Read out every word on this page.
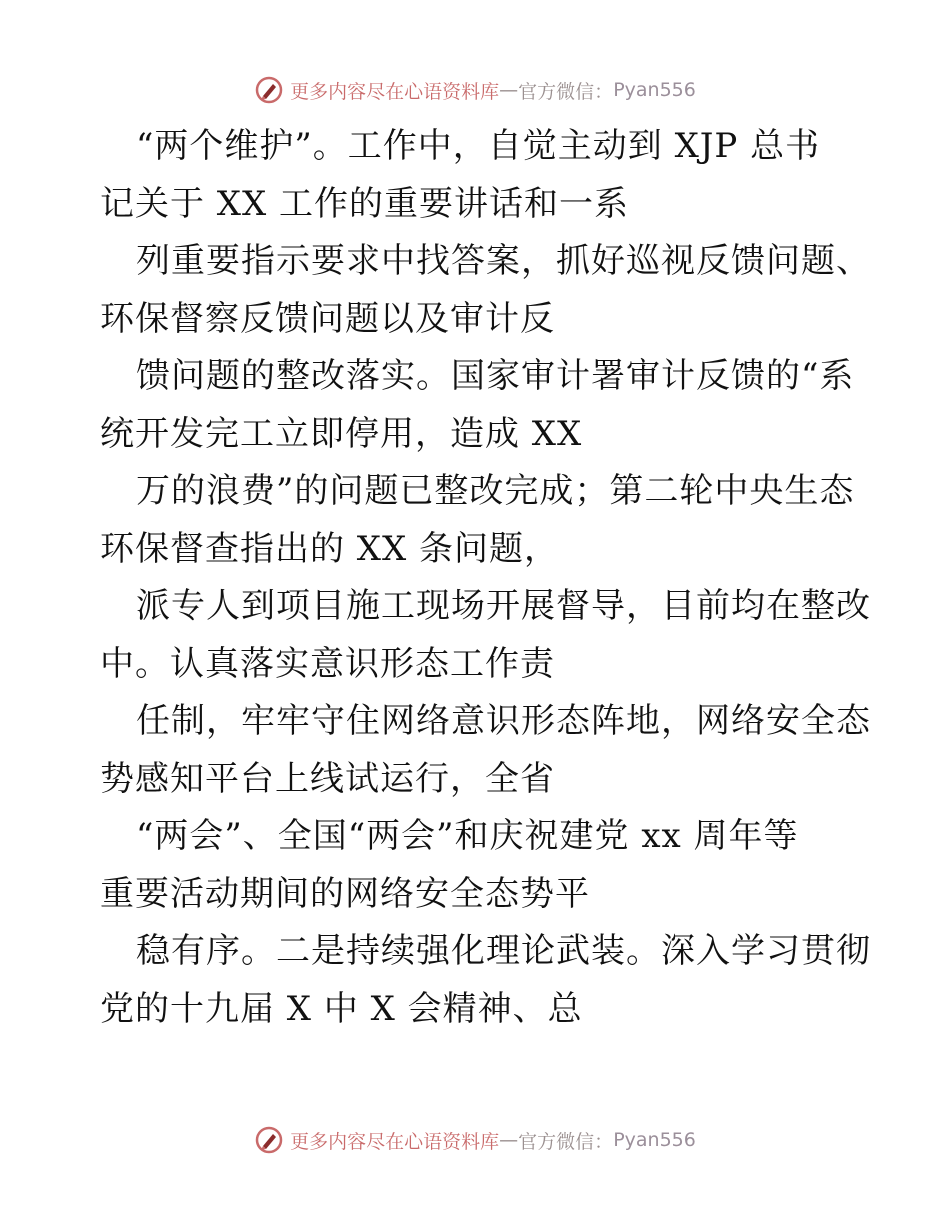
更多内容尽在心语资料库 — 官方微信： Pyan556
“两个维护”。工作中，自觉主动到 XJP 总书
记关于 XX 工作的重要讲话和一系
列重要指示要求中找答案，抓好巡视反馈问题、
环保督察反馈问题以及审计反
馈问题的整改落实。国家审计署审计反馈的“系
统开发完工立即停用，造成 XX
万的浪费”的问题已整改完成；第二轮中央生态
环保督查指出的 XX 条问题，
派专人到项目施工现场开展督导，目前均在整改
中。认真落实意识形态工作责
任制，牢牢守住网络意识形态阵地，网络安全态
势感知平台上线试运行，全省
“两会”、全国“两会”和庆祝建党 xx 周年等
重要活动期间的网络安全态势平
稳有序。二是持续强化理论武装。深入学习贯彻
党的十九届 X 中 X 会精神、总
更多内容尽在心语资料库 — 官方微信： Pyan556
